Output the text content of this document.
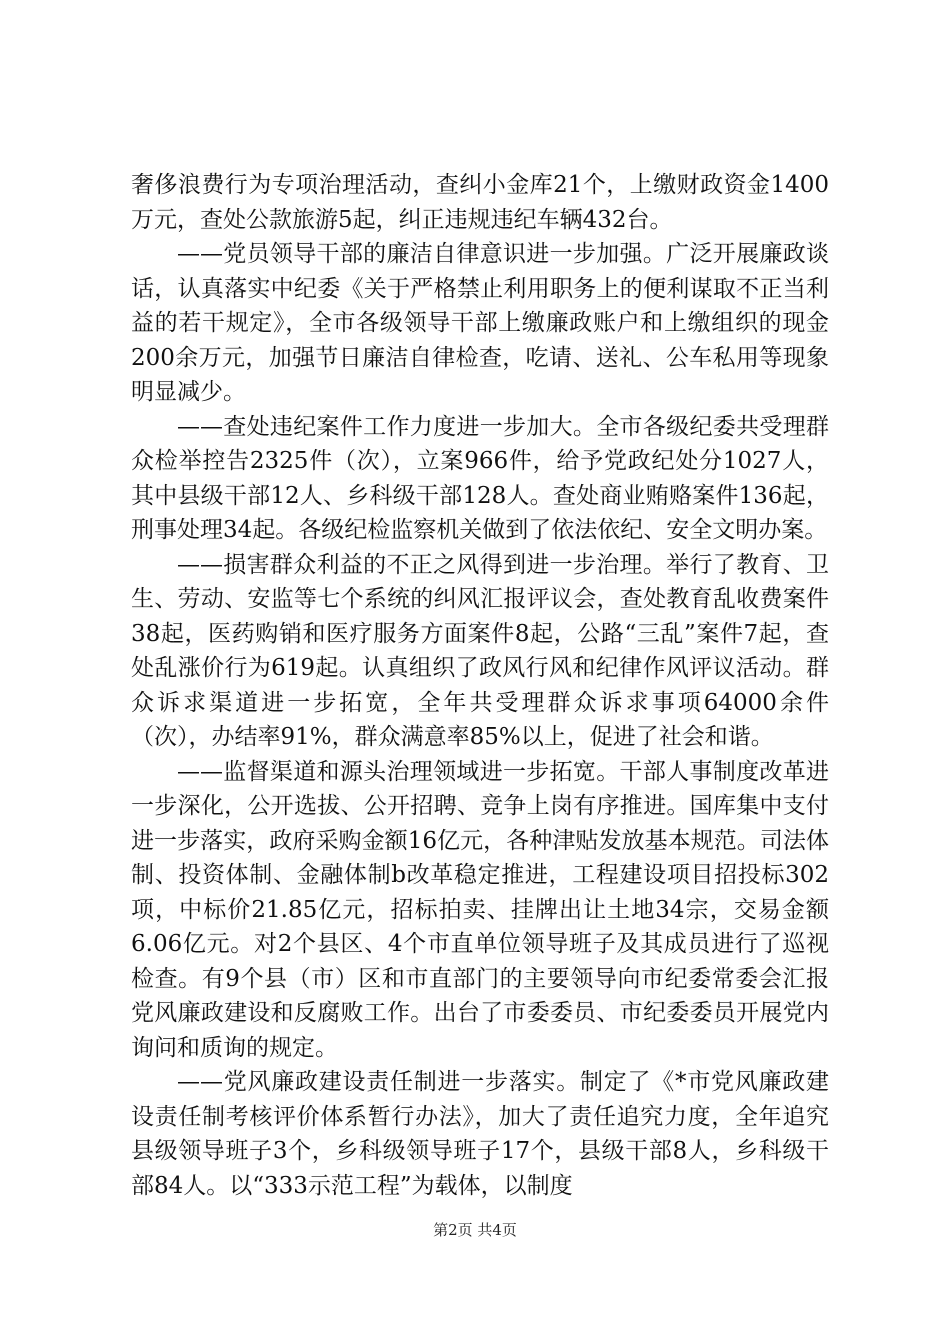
奢侈浪费行为专项治理活动，查纠小金库21个，上缴财政资金1400万元，查处公款旅游5起，纠正违规违纪车辆432台。

——党员领导干部的廉洁自律意识进一步加强。广泛开展廉政谈话，认真落实中纪委《关于严格禁止利用职务上的便利谋取不正当利益的若干规定》，全市各级领导干部上缴廉政账户和上缴组织的现金200余万元，加强节日廉洁自律检查，吃请、送礼、公车私用等现象明显减少。

——查处违纪案件工作力度进一步加大。全市各级纪委共受理群众检举控告2325件（次），立案966件，给予党政纪处分1027人，其中县级干部12人、乡科级干部128人。查处商业贿赂案件136起，刑事处理34起。各级纪检监察机关做到了依法依纪、安全文明办案。

——损害群众利益的不正之风得到进一步治理。举行了教育、卫生、劳动、安监等七个系统的纠风汇报评议会，查处教育乱收费案件38起，医药购销和医疗服务方面案件8起，公路“三乱”案件7起，查处乱涨价行为619起。认真组织了政风行风和纪律作风评议活动。群众诉求渠道进一步拓宽，全年共受理群众诉求事项64000余件（次），办结率91%，群众满意率85%以上，促进了社会和谐。

——监督渠道和源头治理领域进一步拓宽。干部人事制度改革进一步深化，公开选拔、公开招聘、竞争上岗有序推进。国库集中支付进一步落实，政府采购金额16亿元，各种津贴发放基本规范。司法体制、投资体制、金融体制b改革稳定推进，工程建设项目招投标302项，中标价21.85亿元，招标拍卖、挂牌出让土地34宗，交易金额6.06亿元。对2个县区、4个市直单位领导班子及其成员进行了巡视检查。有9个县（市）区和市直部门的主要领导向市纪委常委会汇报党风廉政建设和反腐败工作。出台了市委委员、市纪委委员开展党内询问和质询的规定。

——党风廉政建设责任制进一步落实。制定了《*市党风廉政建设责任制考核评价体系暂行办法》，加大了责任追究力度，全年追究县级领导班子3个，乡科级领导班子17个，县级干部8人，乡科级干部84人。以“333示范工程”为载体，以制度

第2页 共4页
